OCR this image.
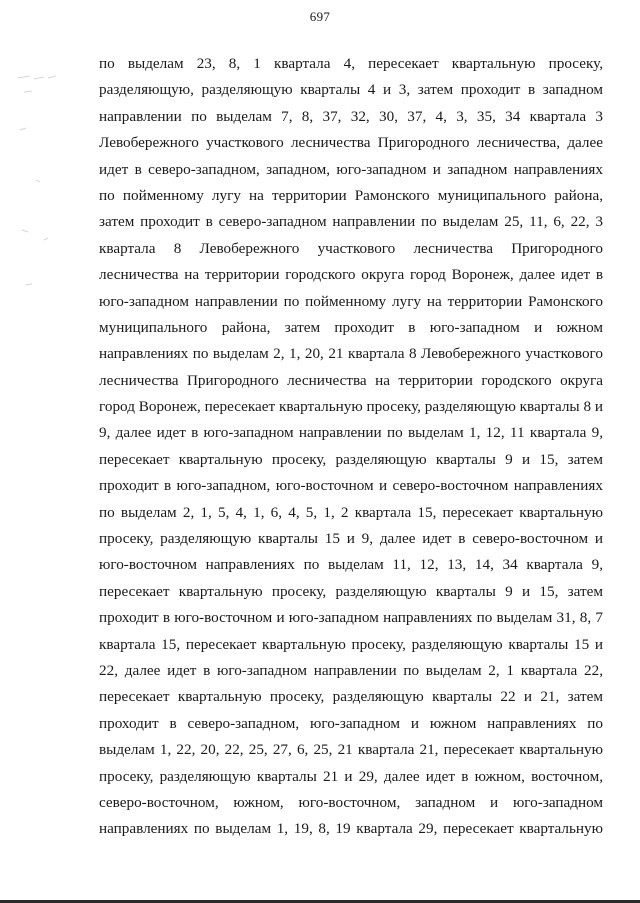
697
по выделам 23, 8, 1 квартала 4, пересекает квартальную просеку,
разделяющую, разделяющую кварталы 4 и 3, затем проходит в западном
направлении по выделам 7, 8, 37, 32, 30, 37, 4, 3, 35, 34 квартала 3
Левобережного участкового лесничества Пригородного лесничества, далее
идет в северо-западном, западном, юго-западном и западном направлениях
по пойменному лугу на территории Рамонского муниципального района,
затем проходит в северо-западном направлении по выделам 25, 11, 6, 22, 3
квартала 8 Левобережного участкового лесничества Пригородного
лесничества на территории городского округа город Воронеж, далее идет в
юго-западном направлении по пойменному лугу на территории Рамонского
муниципального района, затем проходит в юго-западном и южном
направлениях по выделам 2, 1, 20, 21 квартала 8 Левобережного участкового
лесничества Пригородного лесничества на территории городского округа
город Воронеж, пересекает квартальную просеку, разделяющую кварталы 8 и
9, далее идет в юго-западном направлении по выделам 1, 12, 11 квартала 9,
пересекает квартальную просеку, разделяющую кварталы 9 и 15, затем
проходит в юго-западном, юго-восточном и северо-восточном направлениях
по выделам 2, 1, 5, 4, 1, 6, 4, 5, 1, 2 квартала 15, пересекает квартальную
просеку, разделяющую кварталы 15 и 9, далее идет в северо-восточном и
юго-восточном направлениях по выделам 11, 12, 13, 14, 34 квартала 9,
пересекает квартальную просеку, разделяющую кварталы 9 и 15, затем
проходит в юго-восточном и юго-западном направлениях по выделам 31, 8, 7
квартала 15, пересекает квартальную просеку, разделяющую кварталы 15 и
22, далее идет в юго-западном направлении по выделам 2, 1 квартала 22,
пересекает квартальную просеку, разделяющую кварталы 22 и 21, затем
проходит в северо-западном, юго-западном и южном направлениях по
выделам 1, 22, 20, 22, 25, 27, 6, 25, 21 квартала 21, пересекает квартальную
просеку, разделяющую кварталы 21 и 29, далее идет в южном, восточном,
северо-восточном, южном, юго-восточном, западном и юго-западном
направлениях по выделам 1, 19, 8, 19 квартала 29, пересекает квартальную
